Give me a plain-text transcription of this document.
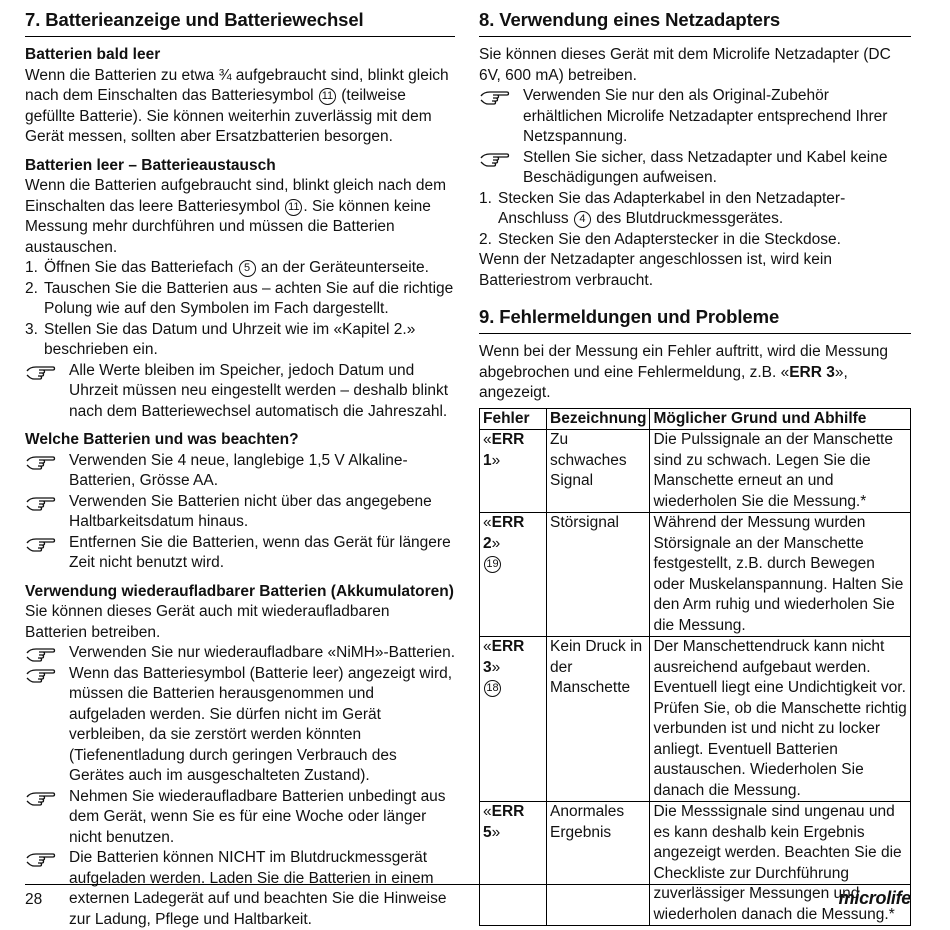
7. Batterieanzeige und Batteriewechsel
Batterien bald leer

Wenn die Batterien zu etwa ¾ aufgebraucht sind, blinkt gleich nach dem Einschalten das Batteriesymbol 11 (teilweise gefüllte Batterie). Sie können weiterhin zuverlässig mit dem Gerät messen, sollten aber Ersatzbatterien besorgen.

Batterien leer – Batterieaustausch

Wenn die Batterien aufgebraucht sind, blinkt gleich nach dem Einschalten das leere Batteriesymbol 11 . Sie können keine Messung mehr durchführen und müssen die Batterien austauschen.

1. Öffnen Sie das Batteriefach 5 an der Geräteunterseite.
2. Tauschen Sie die Batterien aus – achten Sie auf die richtige Polung wie auf den Symbolen im Fach dargestellt.
3. Stellen Sie das Datum und Uhrzeit wie im «Kapitel 2.» beschrieben ein.
Alle Werte bleiben im Speicher, jedoch Datum und Uhrzeit müssen neu eingestellt werden – deshalb blinkt nach dem Batteriewechsel automatisch die Jahreszahl.
Welche Batterien und was beachten?
Verwenden Sie 4 neue, langlebige 1,5 V Alkaline-Batterien, Grösse AA.
Verwenden Sie Batterien nicht über das angegebene Haltbarkeitsdatum hinaus.
Entfernen Sie die Batterien, wenn das Gerät für längere Zeit nicht benutzt wird.
Verwendung wiederaufladbarer Batterien (Akkumulatoren)

Sie können dieses Gerät auch mit wiederaufladbaren Batterien betreiben.

Verwenden Sie nur wiederaufladbare «NiMH»-Batterien.
Wenn das Batteriesymbol (Batterie leer) angezeigt wird, müssen die Batterien herausgenommen und aufgeladen werden. Sie dürfen nicht im Gerät verbleiben, da sie zerstört werden könnten (Tiefenentladung durch geringen Verbrauch des Gerätes auch im ausgeschalteten Zustand).
Nehmen Sie wiederaufladbare Batterien unbedingt aus dem Gerät, wenn Sie es für eine Woche oder länger nicht benutzen.
Die Batterien können NICHT im Blutdruckmessgerät aufgeladen werden. Laden Sie die Batterien in einem externen Ladegerät auf und beachten Sie die Hinweise zur Ladung, Pflege und Haltbarkeit.
8. Verwendung eines Netzadapters

Sie können dieses Gerät mit dem Microlife Netzadapter (DC 6V, 600 mA) betreiben.

Verwenden Sie nur den als Original-Zubehör erhältlichen Microlife Netzadapter entsprechend Ihrer Netzspannung.
Stellen Sie sicher, dass Netzadapter und Kabel keine Beschädigungen aufweisen.
1. Stecken Sie das Adapterkabel in den Netzadapter-Anschluss 4 des Blutdruckmessgerätes.
2. Stecken Sie den Adapterstecker in die Steckdose.

Wenn der Netzadapter angeschlossen ist, wird kein Batteriestrom verbraucht.

9. Fehlermeldungen und Probleme

Wenn bei der Messung ein Fehler auftritt, wird die Messung abgebrochen und eine Fehlermeldung, z.B. «ERR 3», angezeigt.

Fehler	Bezeichnung	Möglicher Grund und Abhilfe
«ERR 1»	Zu schwaches Signal	Die Pulssignale an der Manschette sind zu schwach. Legen Sie die Manschette erneut an und wiederholen Sie die Messung.*
«ERR 2»
19	Störsignal	Während der Messung wurden Störsignale an der Manschette festgestellt, z.B. durch Bewegen oder Muskelanspannung. Halten Sie den Arm ruhig und wiederholen Sie die Messung.
«ERR 3»
18	Kein Druck in der Manschette	Der Manschettendruck kann nicht ausreichend aufgebaut werden. Eventuell liegt eine Undichtigkeit vor. Prüfen Sie, ob die Manschette richtig verbunden ist und nicht zu locker anliegt. Eventuell Batterien austauschen. Wiederholen Sie danach die Messung.
«ERR 5»	Anormales Ergebnis	Die Messsignale sind ungenau und es kann deshalb kein Ergebnis angezeigt werden. Beachten Sie die Checkliste zur Durchführung zuverlässiger Messungen und wiederholen danach die Messung.*
28	microlife
